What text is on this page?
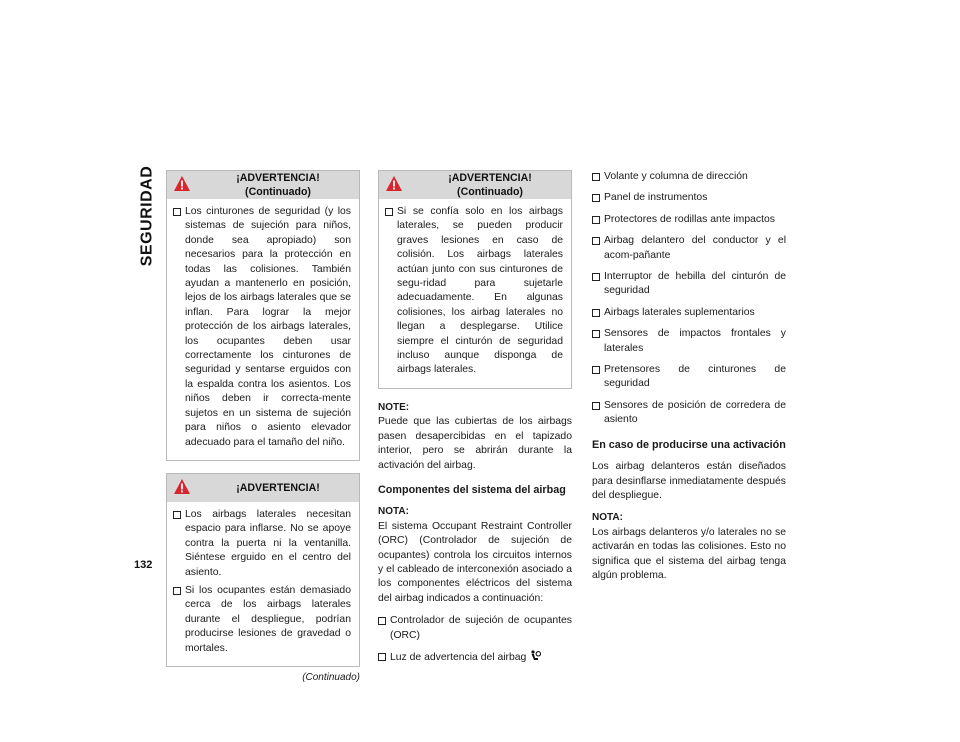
SEGURIDAD
132
¡ADVERTENCIA! (Continuado)
Los cinturones de seguridad (y los sistemas de sujeción para niños, donde sea apropiado) son necesarios para la protección en todas las colisiones. También ayudan a mantenerlo en posición, lejos de los airbags laterales que se inflan. Para lograr la mejor protección de los airbags laterales, los ocupantes deben usar correctamente los cinturones de seguridad y sentarse erguidos con la espalda contra los asientos. Los niños deben ir correcta-mente sujetos en un sistema de sujeción para niños o asiento elevador adecuado para el tamaño del niño.
¡ADVERTENCIA!
Los airbags laterales necesitan espacio para inflarse. No se apoye contra la puerta ni la ventanilla. Siéntese erguido en el centro del asiento.
Si los ocupantes están demasiado cerca de los airbags laterales durante el despliegue, podrían producirse lesiones de gravedad o mortales.
(Continuado)
¡ADVERTENCIA! (Continuado)
Si se confía solo en los airbags laterales, se pueden producir graves lesiones en caso de colisión. Los airbags laterales actúan junto con sus cinturones de segu-ridad para sujetarle adecuadamente. En algunas colisiones, los airbag laterales no llegan a desplegarse. Utilice siempre el cinturón de seguridad incluso aunque disponga de airbags laterales.
NOTE:
Puede que las cubiertas de los airbags pasen desapercibidas en el tapizado interior, pero se abrirán durante la activación del airbag.
Componentes del sistema del airbag
NOTA:
El sistema Occupant Restraint Controller (ORC) (Controlador de sujeción de ocupantes) controla los circuitos internos y el cableado de interconexión asociado a los componentes eléctricos del sistema del airbag indicados a continuación:
Controlador de sujeción de ocupantes (ORC)
Luz de advertencia del airbag
Volante y columna de dirección
Panel de instrumentos
Protectores de rodillas ante impactos
Airbag delantero del conductor y el acom-pañante
Interruptor de hebilla del cinturón de seguridad
Airbags laterales suplementarios
Sensores de impactos frontales y laterales
Pretensores de cinturones de seguridad
Sensores de posición de corredera de asiento
En caso de producirse una activación
Los airbag delanteros están diseñados para desinflarse inmediatamente después del despliegue.
NOTA:
Los airbags delanteros y/o laterales no se activarán en todas las colisiones. Esto no significa que el sistema del airbag tenga algún problema.
